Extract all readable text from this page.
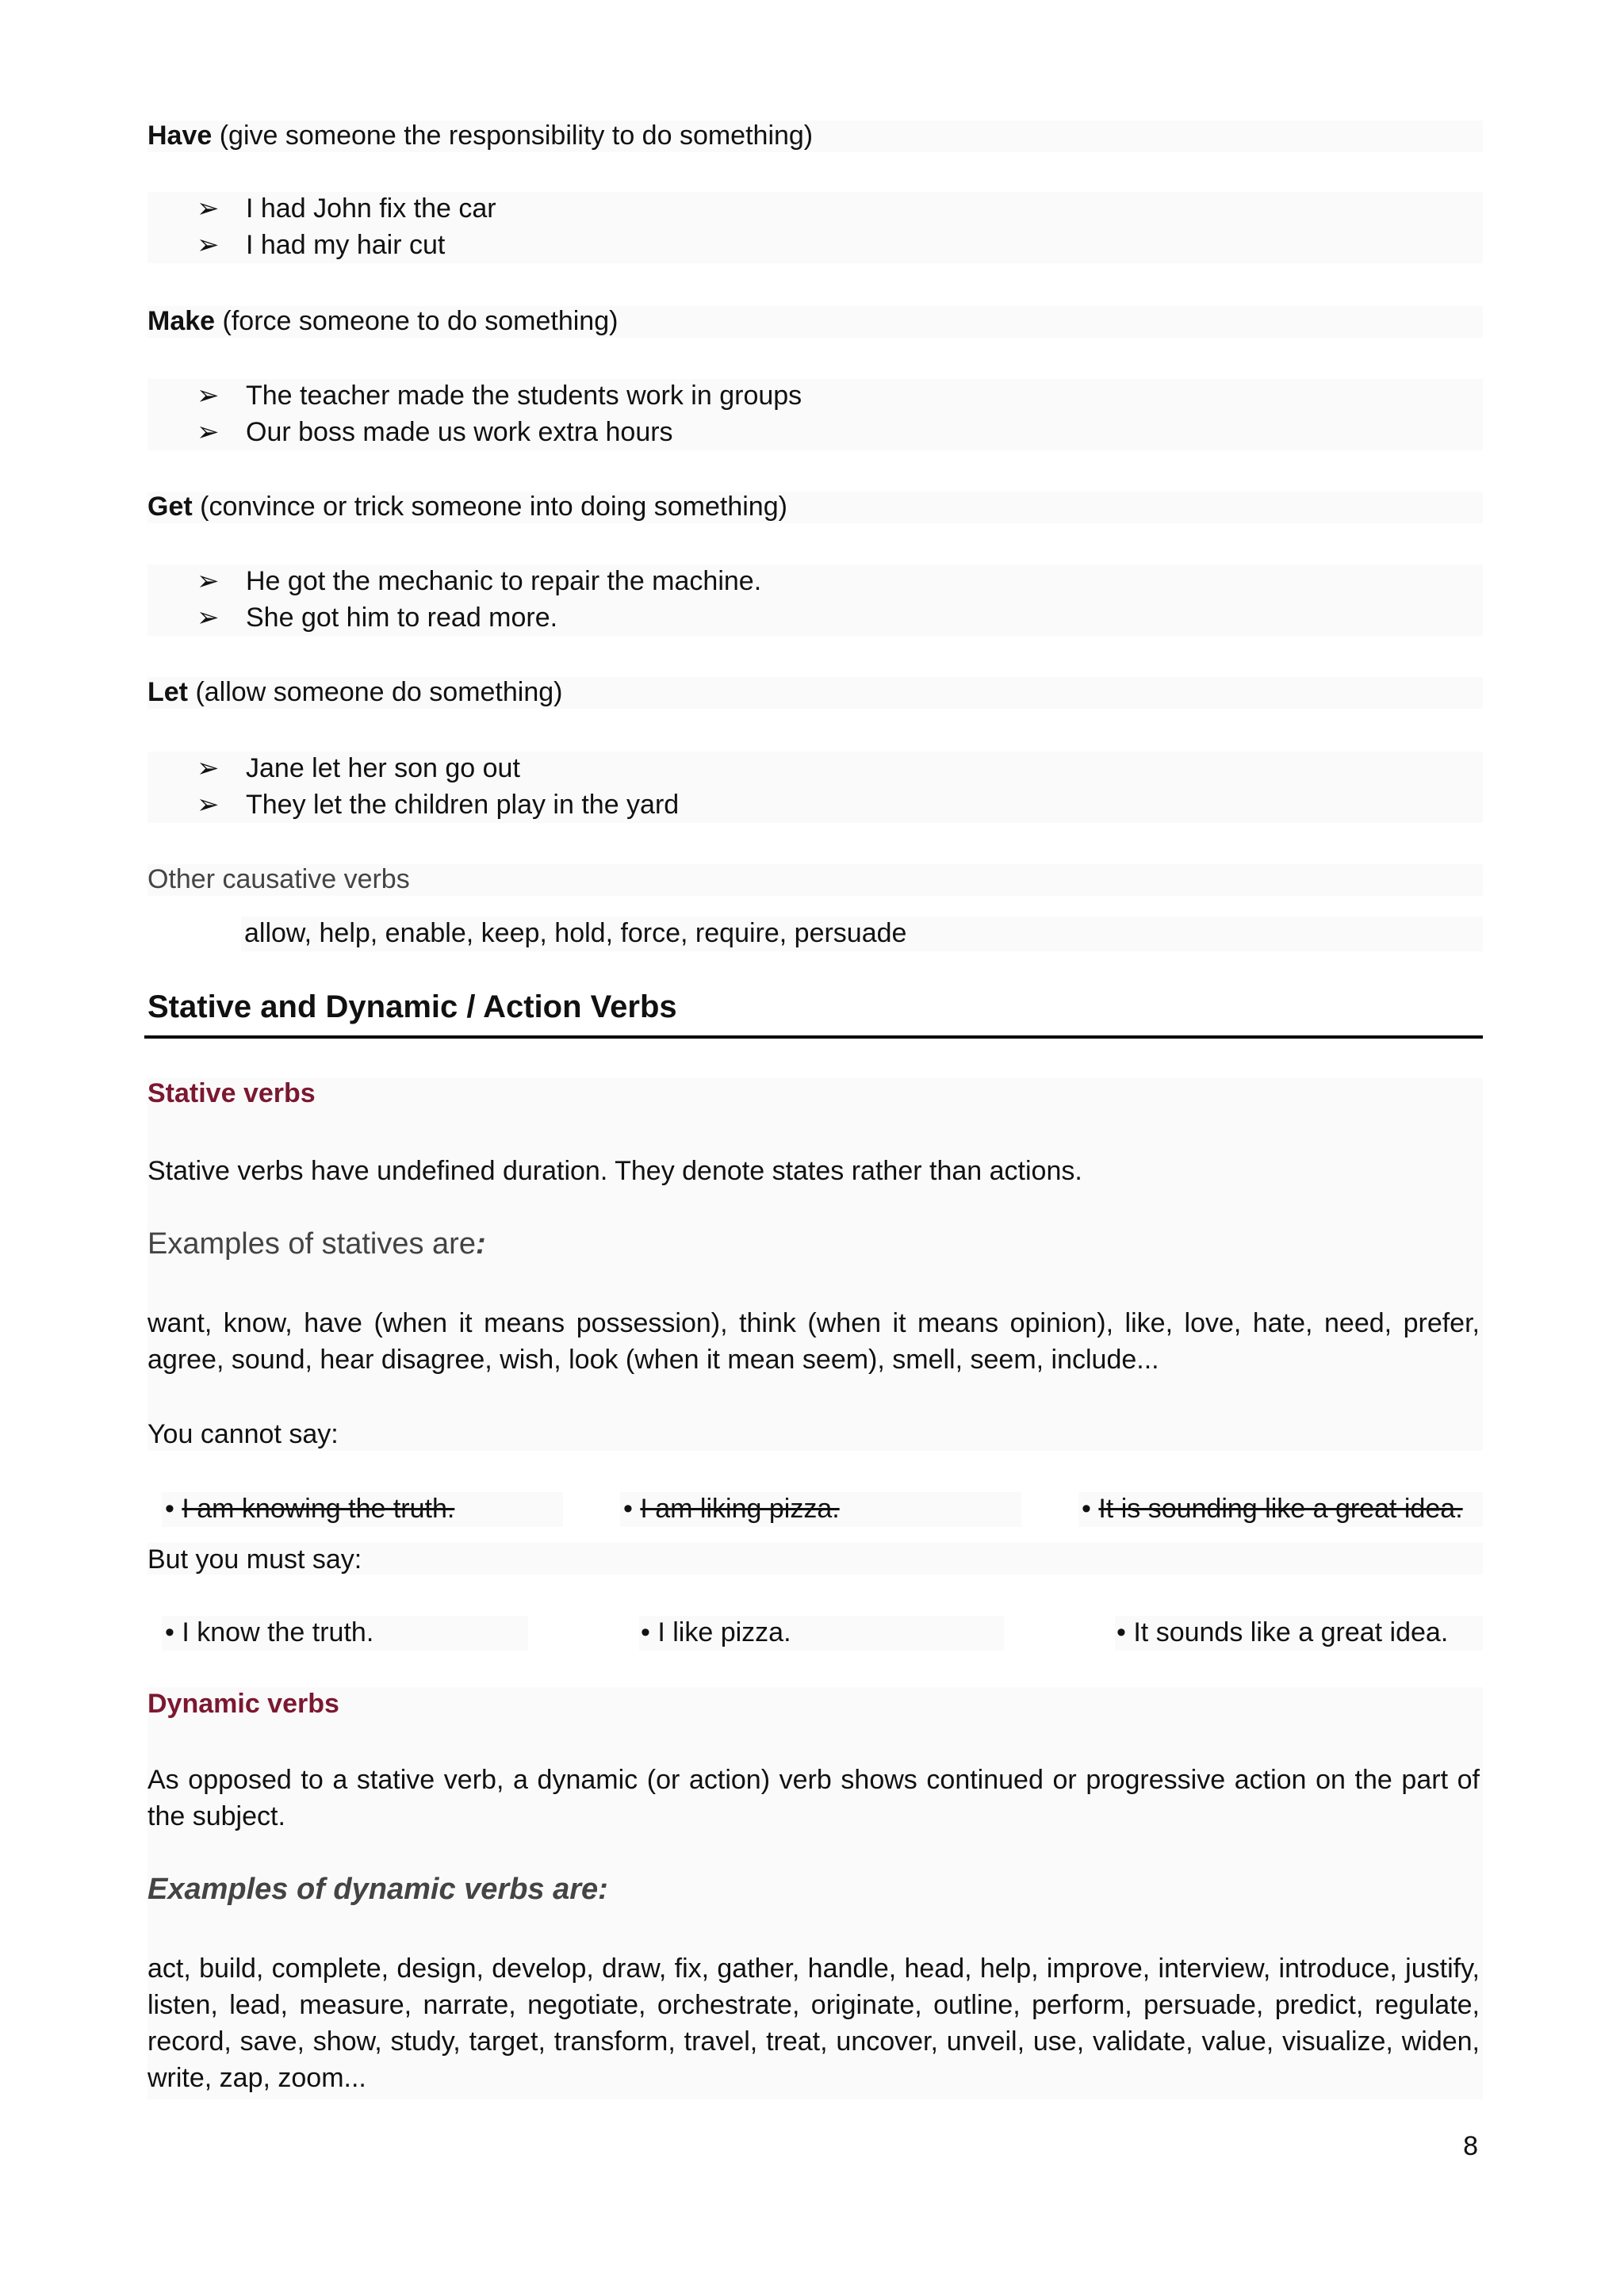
Have (give someone the responsibility to do something)
➢ I had John fix the car
➢ I had my hair cut
Make (force someone to do something)
➢ The teacher made the students work in groups
➢ Our boss made us work extra hours
Get (convince or trick someone into doing something)
➢ He got the mechanic to repair the machine.
➢ She got him to read more.
Let (allow someone do something)
➢ Jane let her son go out
➢ They let the children play in the yard
Other causative verbs
allow, help, enable, keep, hold, force, require, persuade
Stative and Dynamic / Action Verbs
Stative verbs
Stative verbs have undefined duration. They denote states rather than actions.
Examples of statives are:
want, know, have (when it means possession), think (when it means opinion), like, love, hate, need, prefer, agree, sound, hear disagree, wish, look (when it mean seem), smell, seem, include...
You cannot say:
• I am knowing the truth.	• I am liking pizza.	• It is sounding like a great idea.
But you must say:
• I know the truth.	• I like pizza.	• It sounds like a great idea.
Dynamic verbs
As opposed to a stative verb, a dynamic (or action) verb shows continued or progressive action on the part of the subject.
Examples of dynamic verbs are:
act, build, complete, design, develop, draw, fix, gather, handle, head, help, improve, interview, introduce, justify, listen, lead, measure, narrate, negotiate, orchestrate, originate, outline, perform, persuade, predict, regulate, record, save, show, study, target, transform, travel, treat, uncover, unveil, use, validate, value, visualize, widen, write, zap, zoom...
8
